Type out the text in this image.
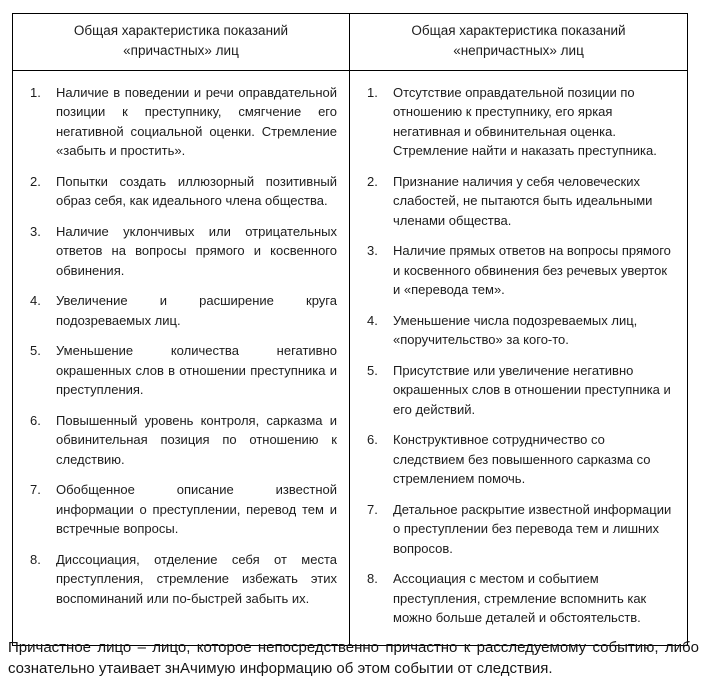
Общая характеристика показаний «причастных» лиц
Общая характеристика показаний «непричастных» лиц
Наличие в поведении и речи оправдательной позиции к преступнику, смягчение его негативной социальной оценки. Стремление «забыть и простить».
Попытки создать иллюзорный позитивный образ себя, как идеального члена общества.
Наличие уклончивых или отрицательных ответов на вопросы прямого и косвенного обвинения.
Увеличение и расширение круга подозреваемых лиц.
Уменьшение количества негативно окрашенных слов в отношении преступника и преступления.
Повышенный уровень контроля, сарказма и обвинительная позиция по отношению к следствию.
Обобщенное описание известной информации о преступлении, перевод тем и встречные вопросы.
Диссоциация, отделение себя от места преступления, стремление избежать этих воспоминаний или по-быстрей забыть их.
Отсутствие оправдательной позиции по отношению к преступнику, его яркая негативная и обвинительная оценка. Стремление найти и наказать преступника.
Признание наличия у себя человеческих слабостей, не пытаются быть идеальными членами общества.
Наличие прямых ответов на вопросы прямого и косвенного обвинения без речевых уверток и «перевода тем».
Уменьшение числа подозреваемых лиц, «поручительство» за кого-то.
Присутствие или увеличение негативно окрашенных слов в отношении преступника и его действий.
Конструктивное сотрудничество со следствием без повышенного сарказма со стремлением помочь.
Детальное раскрытие известной информации о преступлении без перевода тем и лишних вопросов.
Ассоциация с местом и событием преступления, стремление вспомнить как можно больше деталей и обстоятельств.
Причастное лицо – лицо, которое непосредственно причастно к расследуемому событию, либо сознательно утаивает знАчимую информацию об этом событии от следствия.
